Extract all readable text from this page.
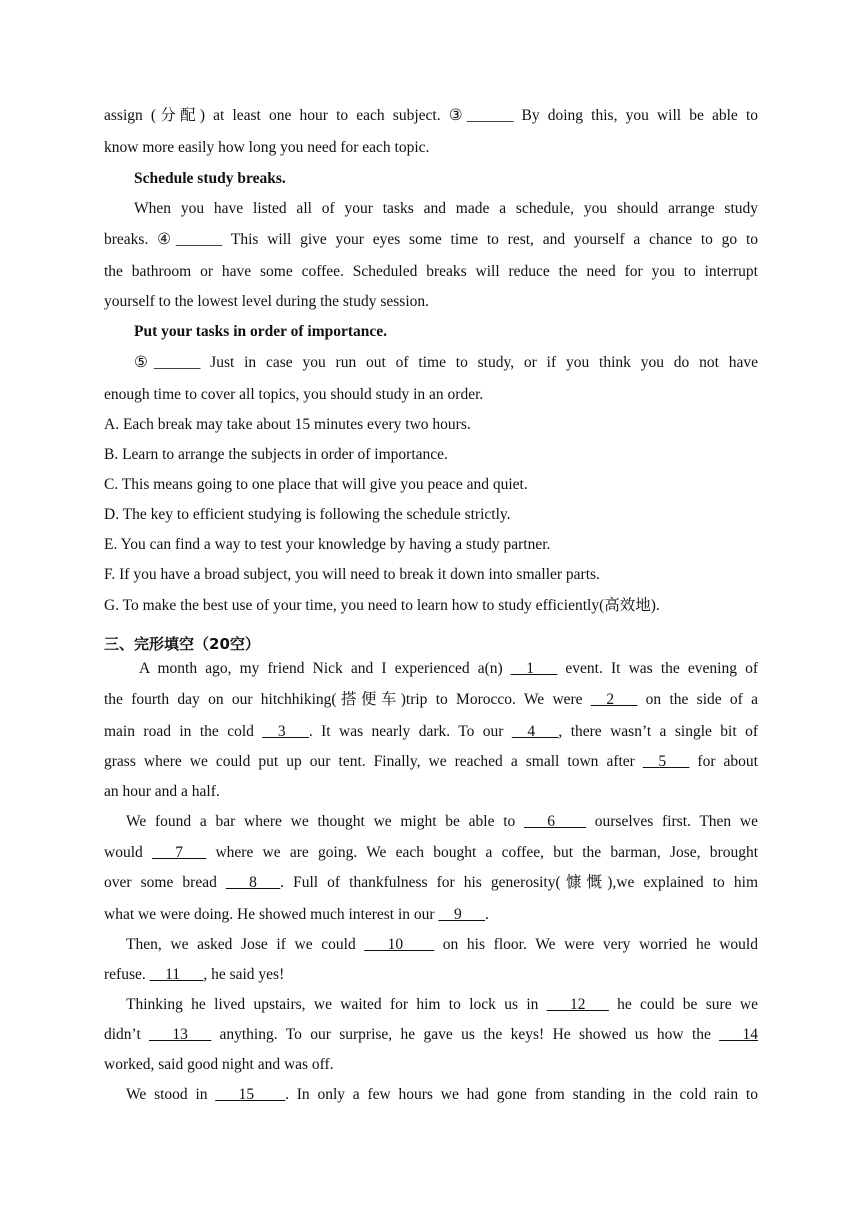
assign (分配) at least one hour to each subject. ③______ By doing this, you will be able to
know more easily how long you need for each topic.
Schedule study breaks.
When you have listed all of your tasks and made a schedule, you should arrange study
breaks. ④______ This will give your eyes some time to rest, and yourself a chance to go to
the bathroom or have some coffee. Scheduled breaks will reduce the need for you to interrupt
yourself to the lowest level during the study session.
Put your tasks in order of importance.
⑤______ Just in case you run out of time to study, or if you think you do not have
enough time to cover all topics, you should study in an order.
A. Each break may take about 15 minutes every two hours.
B. Learn to arrange the subjects in order of importance.
C. This means going to one place that will give you peace and quiet.
D. The key to efficient studying is following the schedule strictly.
E. You can find a way to test your knowledge by having a study partner.
F. If you have a broad subject, you will need to break it down into smaller parts.
G. To make the best use of your time, you need to learn how to study efficiently(高效地).
三、完形填空（20空）
A month ago, my friend Nick and I experienced a(n) __1___ event. It was the evening of
the fourth day on our hitchhiking(搭便车)trip to Morocco. We were __2___ on the side of a
main road in the cold __3___. It was nearly dark. To our __4___, there wasn’t a single bit of
grass where we could put up our tent. Finally, we reached a small town after __5___ for about
an hour and a half.
We found a bar where we thought we might be able to ___6____ ourselves first. Then we
would ___7___ where we are going. We each bought a coffee, but the barman, Jose, brought
over some bread ___8___. Full of thankfulness for his generosity(慷慨),we explained to him
what we were doing. He showed much interest in our __9___.
Then, we asked Jose if we could ___10____ on his floor. We were very worried he would
refuse. __11___, he said yes!
Thinking he lived upstairs, we waited for him to lock us in ___12___ he could be sure we
didn’t ___13___ anything. To our surprise, he gave us the keys! He showed us how the ___14
worked, said good night and was off.
We stood in ___15____. In only a few hours we had gone from standing in the cold rain to
